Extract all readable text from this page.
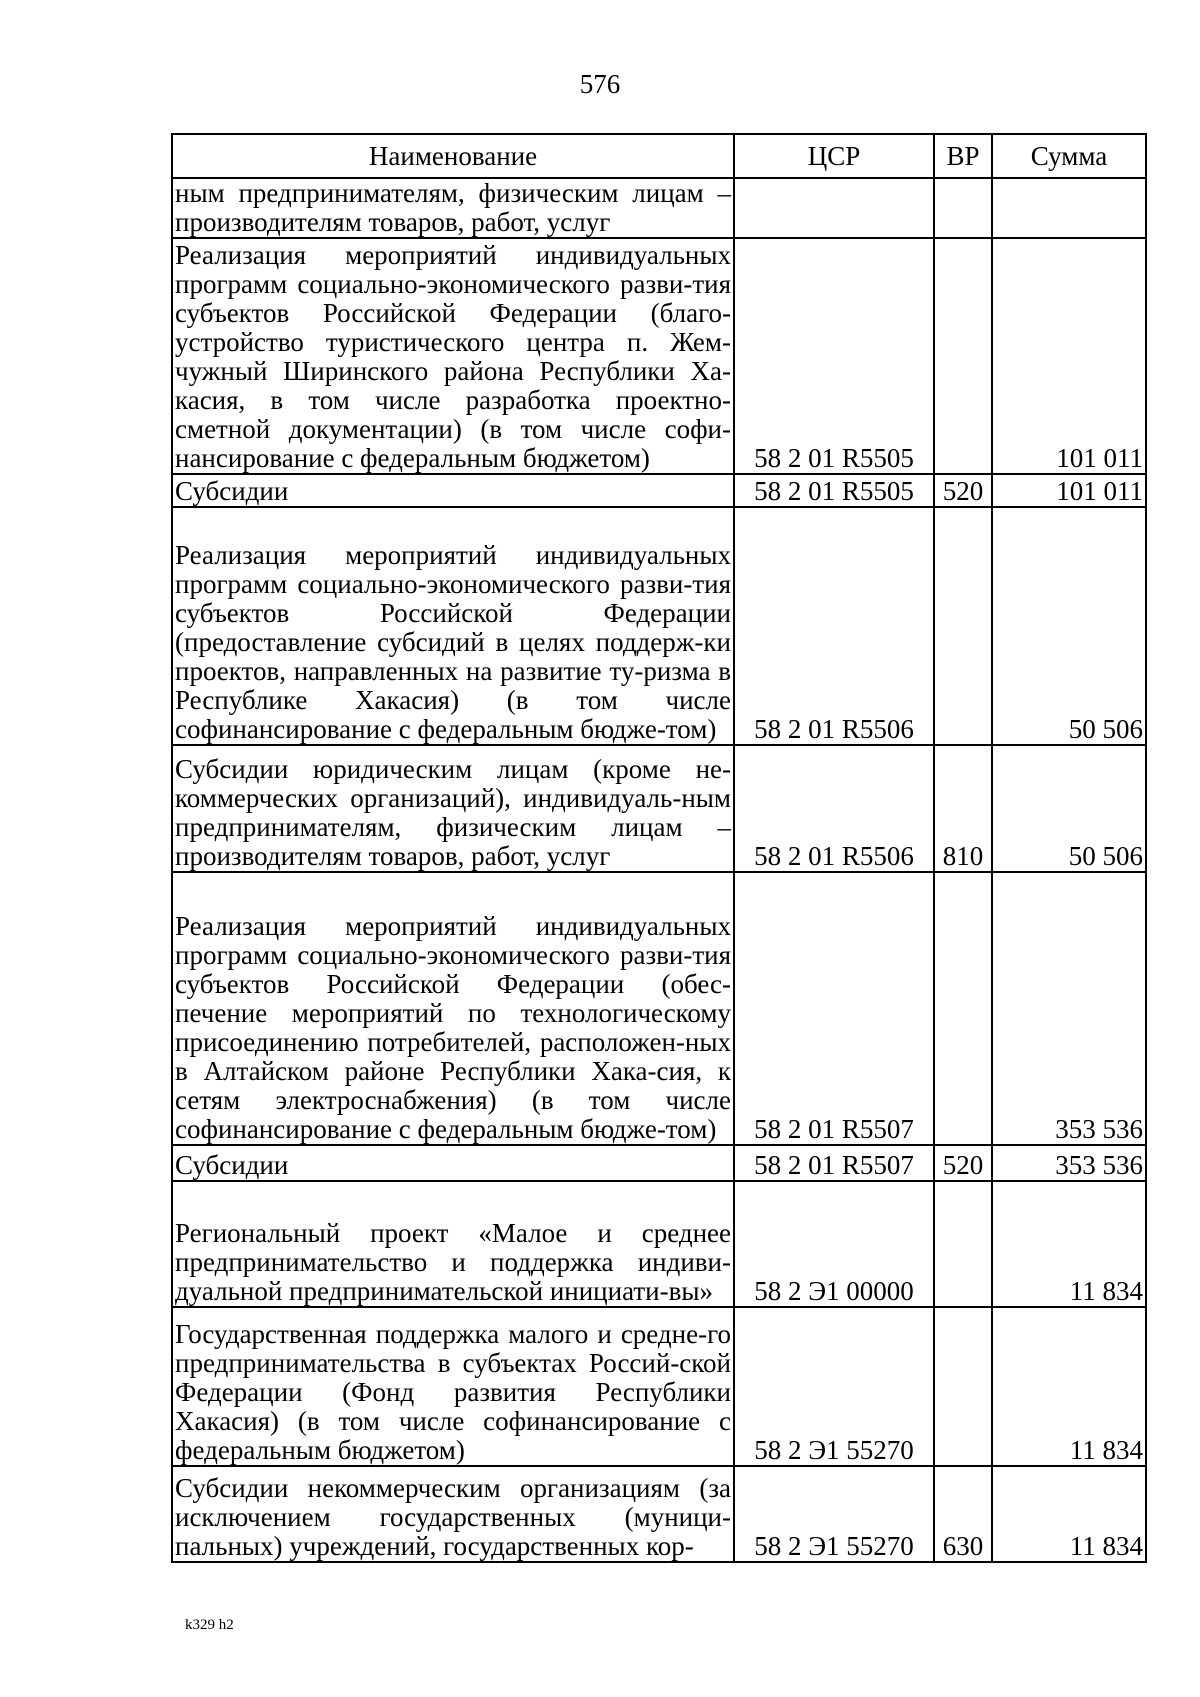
576
Наименование	ЦСР	ВР	Сумма
ным предпринимателям, физическим лицам – производителям товаров, работ, услуг			
Реализация мероприятий индивидуальных программ социально-экономического разви-тия субъектов Российской Федерации (благо-устройство туристического центра п. Жем-чужный Ширинского района Республики Ха-касия, в том числе разработка проектно-сметной документации) (в том числе софи-нансирование с федеральным бюджетом)	58 2 01 R5505		101 011
Субсидии	58 2 01 R5505	520	101 011
Реализация мероприятий индивидуальных программ социально-экономического разви-тия субъектов Российской Федерации (предоставление субсидий в целях поддерж-ки проектов, направленных на развитие ту-ризма в Республике Хакасия) (в том числе софинансирование с федеральным бюдже-том)	58 2 01 R5506		50 506
Субсидии юридическим лицам (кроме не-коммерческих организаций), индивидуаль-ным предпринимателям, физическим лицам – производителям товаров, работ, услуг	58 2 01 R5506	810	50 506
Реализация мероприятий индивидуальных программ социально-экономического разви-тия субъектов Российской Федерации (обес-печение мероприятий по технологическому присоединению потребителей, расположен-ных в Алтайском районе Республики Хака-сия, к сетям электроснабжения) (в том числе софинансирование с федеральным бюдже-том)	58 2 01 R5507		353 536
Субсидии	58 2 01 R5507	520	353 536
Региональный проект «Малое и среднее предпринимательство и поддержка индиви-дуальной предпринимательской инициати-вы»	58 2 Э1 00000		11 834
Государственная поддержка малого и средне-го предпринимательства в субъектах Россий-ской Федерации (Фонд развития Республики Хакасия) (в том числе софинансирование с федеральным бюджетом)	58 2 Э1 55270		11 834
Субсидии некоммерческим организациям (за исключением государственных (муници-пальных) учреждений, государственных кор-	58 2 Э1 55270	630	11 834
k329 h2
